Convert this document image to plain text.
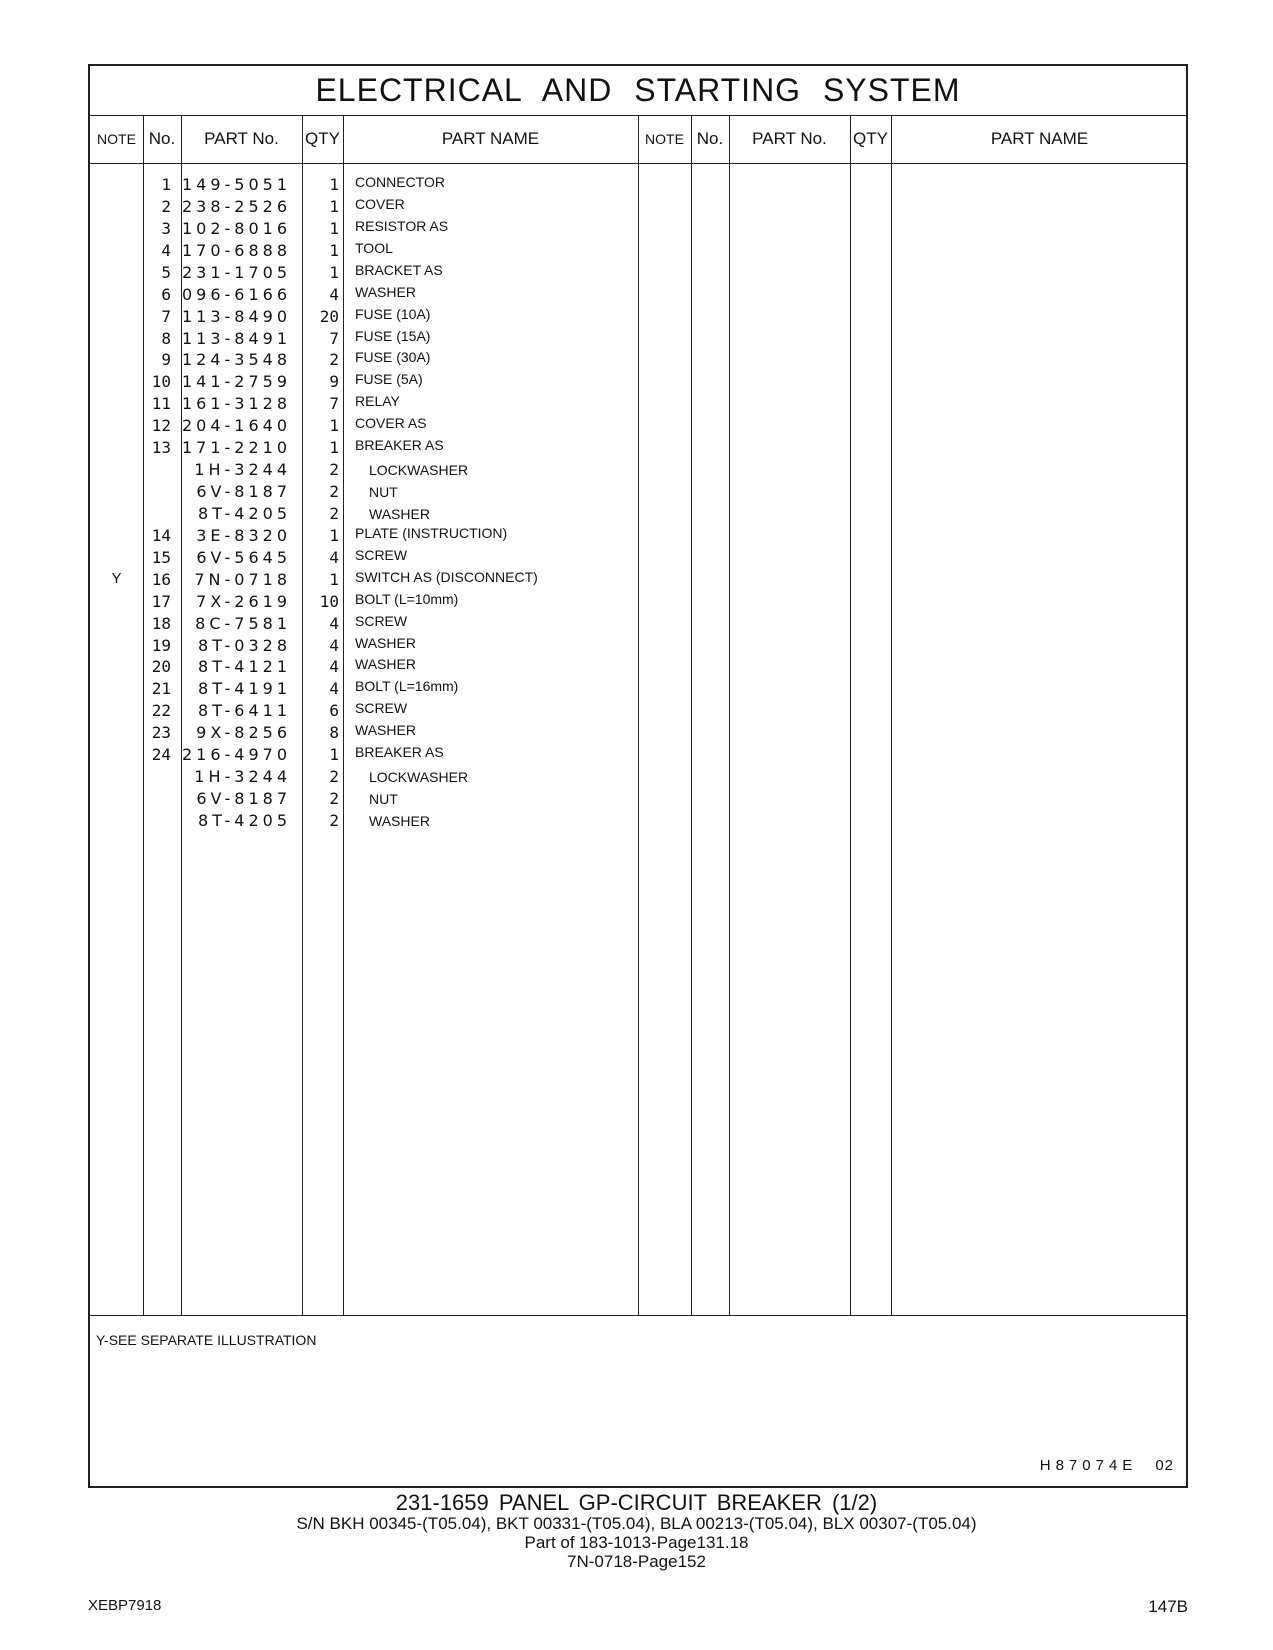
ELECTRICAL AND STARTING SYSTEM
NOTE No.	PART No.	QTY	PART NAME	NOTE No.	PART No.	QTY	PART NAME
1 149-5051	1 CONNECTOR
2 238-2526	1 COVER
3 102-8016	1 RESISTOR AS
4 170-6888	1 TOOL
5 231-1705	1 BRACKET AS
6 096-6166	4 WASHER
7 113-8490	20 FUSE (10A)
8 113-8491	7 FUSE (15A)
9 124-3548	2 FUSE (30A)
10 141-2759	9 FUSE (5A)
11 161-3128	7 RELAY
12 204-1640	1 COVER AS
13 171-2210	1 BREAKER AS
1H-3244	2 LOCKWASHER
6V-8187	2 NUT
8T-4205	2 WASHER
14	3E-8320	1 PLATE (INSTRUCTION)
15	6V-5645	4 SCREW
Y	16	7N-0718	1 SWITCH AS (DISCONNECT)
17	7X-2619	10 BOLT (L=10mm)
18	8C-7581	4 SCREW
19	8T-0328	4 WASHER
20	8T-4121	4 WASHER
21	8T-4191	4 BOLT (L=16mm)
22	8T-6411	6 SCREW
23	9X-8256	8 WASHER
24 216-4970	1 BREAKER AS
1H-3244	2 LOCKWASHER
6V-8187	2 NUT
8T-4205	2 WASHER
Y-SEE SEPARATE ILLUSTRATION
H87074E 02
231-1659 PANEL GP-CIRCUIT BREAKER (1/2)
S/N BKH 00345-(T05.04), BKT 00331-(T05.04), BLA 00213-(T05.04), BLX 00307-(T05.04)
Part of 183-1013-Page131.18
7N-0718-Page152
XEBP7918	147B
